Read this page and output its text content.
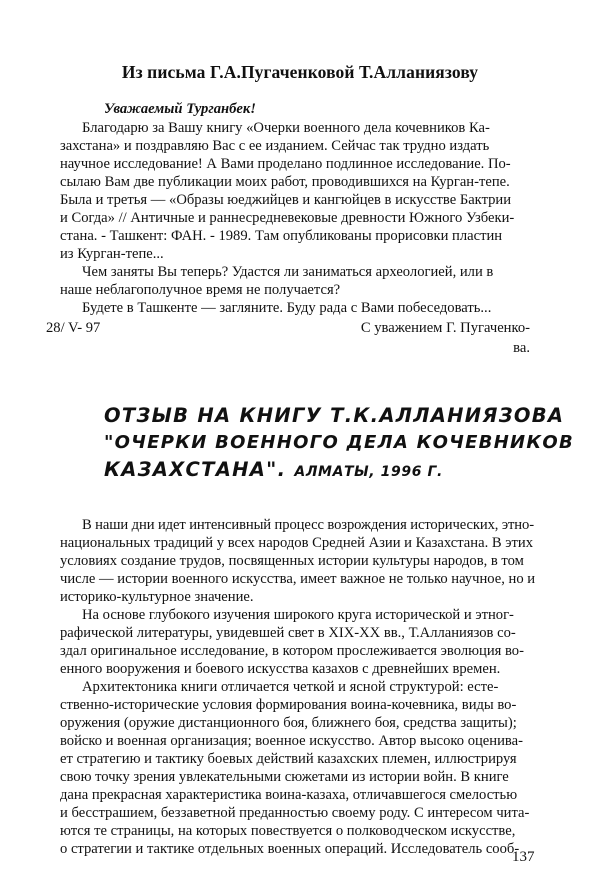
Из письма Г.А.Пугаченковой Т.Алланиязову
Уважаемый Турганбек!
Благодарю за Вашу книгу «Очерки военного дела кочевников Ка-
захстана» и поздравляю Вас с ее изданием. Сейчас так трудно издать
научное исследование! А Вами проделано подлинное исследование. По-
сылаю Вам две публикации моих работ, проводившихся на Курган-тепе.
Была и третья — «Образы юеджийцев и кангюйцев в искусстве Бактрии
и Согда» // Античные и раннесредневековые древности Южного Узбеки-
стана. - Ташкент: ФАН. - 1989. Там опубликованы прорисовки пластин
из Курган-тепе...
Чем заняты Вы теперь? Удастся ли заниматься археологией, или в
наше неблагополучное время не получается?
Будете в Ташкенте — загляните. Буду рада с Вами побеседовать...
28/ V- 97	С уважением Г. Пугаченко-
ва.
ОТЗЫВ НА КНИГУ Т.К.АЛЛАНИЯЗОВА
"ОЧЕРКИ ВОЕННОГО ДЕЛА КОЧЕВНИКОВ
КАЗАХСТАНА". АЛМАТЫ, 1996 Г.
В наши дни идет интенсивный процесс возрождения исторических, этно-
национальных традиций у всех народов Средней Азии и Казахстана. В этих
условиях создание трудов, посвященных истории культуры народов, в том
числе — истории военного искусства, имеет важное не только научное, но и
историко-культурное значение.
На основе глубокого изучения широкого круга исторической и этног-
рафической литературы, увидевшей свет в XIX-XX вв., Т.Алланиязов со-
здал оригинальное исследование, в котором прослеживается эволюция во-
енного вооружения и боевого искусства казахов с древнейших времен.
Архитектоника книги отличается четкой и ясной структурой: есте-
ственно-исторические условия формирования воина-кочевника, виды во-
оружения (оружие дистанционного боя, ближнего боя, средства защиты);
войско и военная организация; военное искусство. Автор высоко оценива-
ет стратегию и тактику боевых действий казахских племен, иллюстрируя
свою точку зрения увлекательными сюжетами из истории войн. В книге
дана прекрасная характеристика воина-казаха, отличавшегося смелостью
и бесстрашием, беззаветной преданностью своему роду. С интересом чита-
ются те страницы, на которых повествуется о полководческом искусстве,
о стратегии и тактике отдельных военных операций. Исследователь сооб-
137
